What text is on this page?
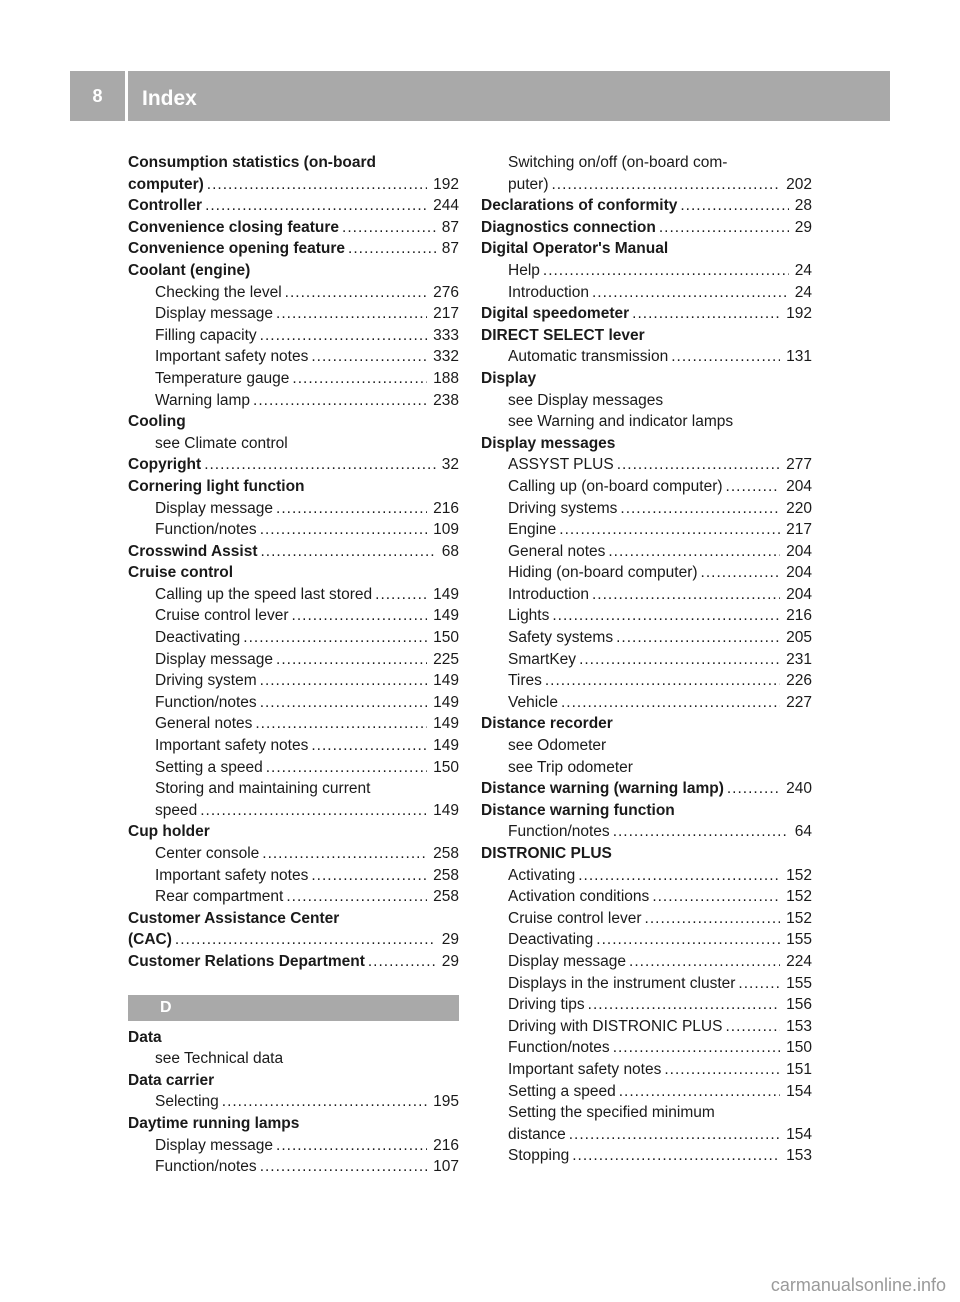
8	Index
Consumption statistics (on-board
computer) .....	192
Controller .....	244
Convenience closing feature .....	87
Convenience opening feature .....	87
Coolant (engine)
Checking the level .....	276
Display message .....	217
Filling capacity .....	333
Important safety notes .....	332
Temperature gauge .....	188
Warning lamp .....	238
Cooling
see Climate control
Copyright .....	32
Cornering light function
Display message .....	216
Function/notes .....	109
Crosswind Assist .....	68
Cruise control
Calling up the speed last stored .....	149
Cruise control lever .....	149
Deactivating .....	150
Display message .....	225
Driving system .....	149
Function/notes .....	149
General notes .....	149
Important safety notes .....	149
Setting a speed .....	150
Storing and maintaining current
speed .....	149
Cup holder
Center console .....	258
Important safety notes .....	258
Rear compartment .....	258
Customer Assistance Center
(CAC) .....	29
Customer Relations Department .....	29
D
Data
see Technical data
Data carrier
Selecting .....	195
Daytime running lamps
Display message .....	216
Function/notes .....	107
Switching on/off (on-board com-
puter) .....	202
Declarations of conformity .....	28
Diagnostics connection .....	29
Digital Operator's Manual
Help .....	24
Introduction .....	24
Digital speedometer .....	192
DIRECT SELECT lever
Automatic transmission .....	131
Display
see Display messages
see Warning and indicator lamps
Display messages
ASSYST PLUS .....	277
Calling up (on-board computer) .....	204
Driving systems .....	220
Engine .....	217
General notes .....	204
Hiding (on-board computer) .....	204
Introduction .....	204
Lights .....	216
Safety systems .....	205
SmartKey .....	231
Tires .....	226
Vehicle .....	227
Distance recorder
see Odometer
see Trip odometer
Distance warning (warning lamp) .....	240
Distance warning function
Function/notes .....	64
DISTRONIC PLUS
Activating .....	152
Activation conditions .....	152
Cruise control lever .....	152
Deactivating .....	155
Display message .....	224
Displays in the instrument cluster .....	155
Driving tips .....	156
Driving with DISTRONIC PLUS .....	153
Function/notes .....	150
Important safety notes .....	151
Setting a speed .....	154
Setting the specified minimum
distance .....	154
Stopping .....	153
carmanualsonline.info
